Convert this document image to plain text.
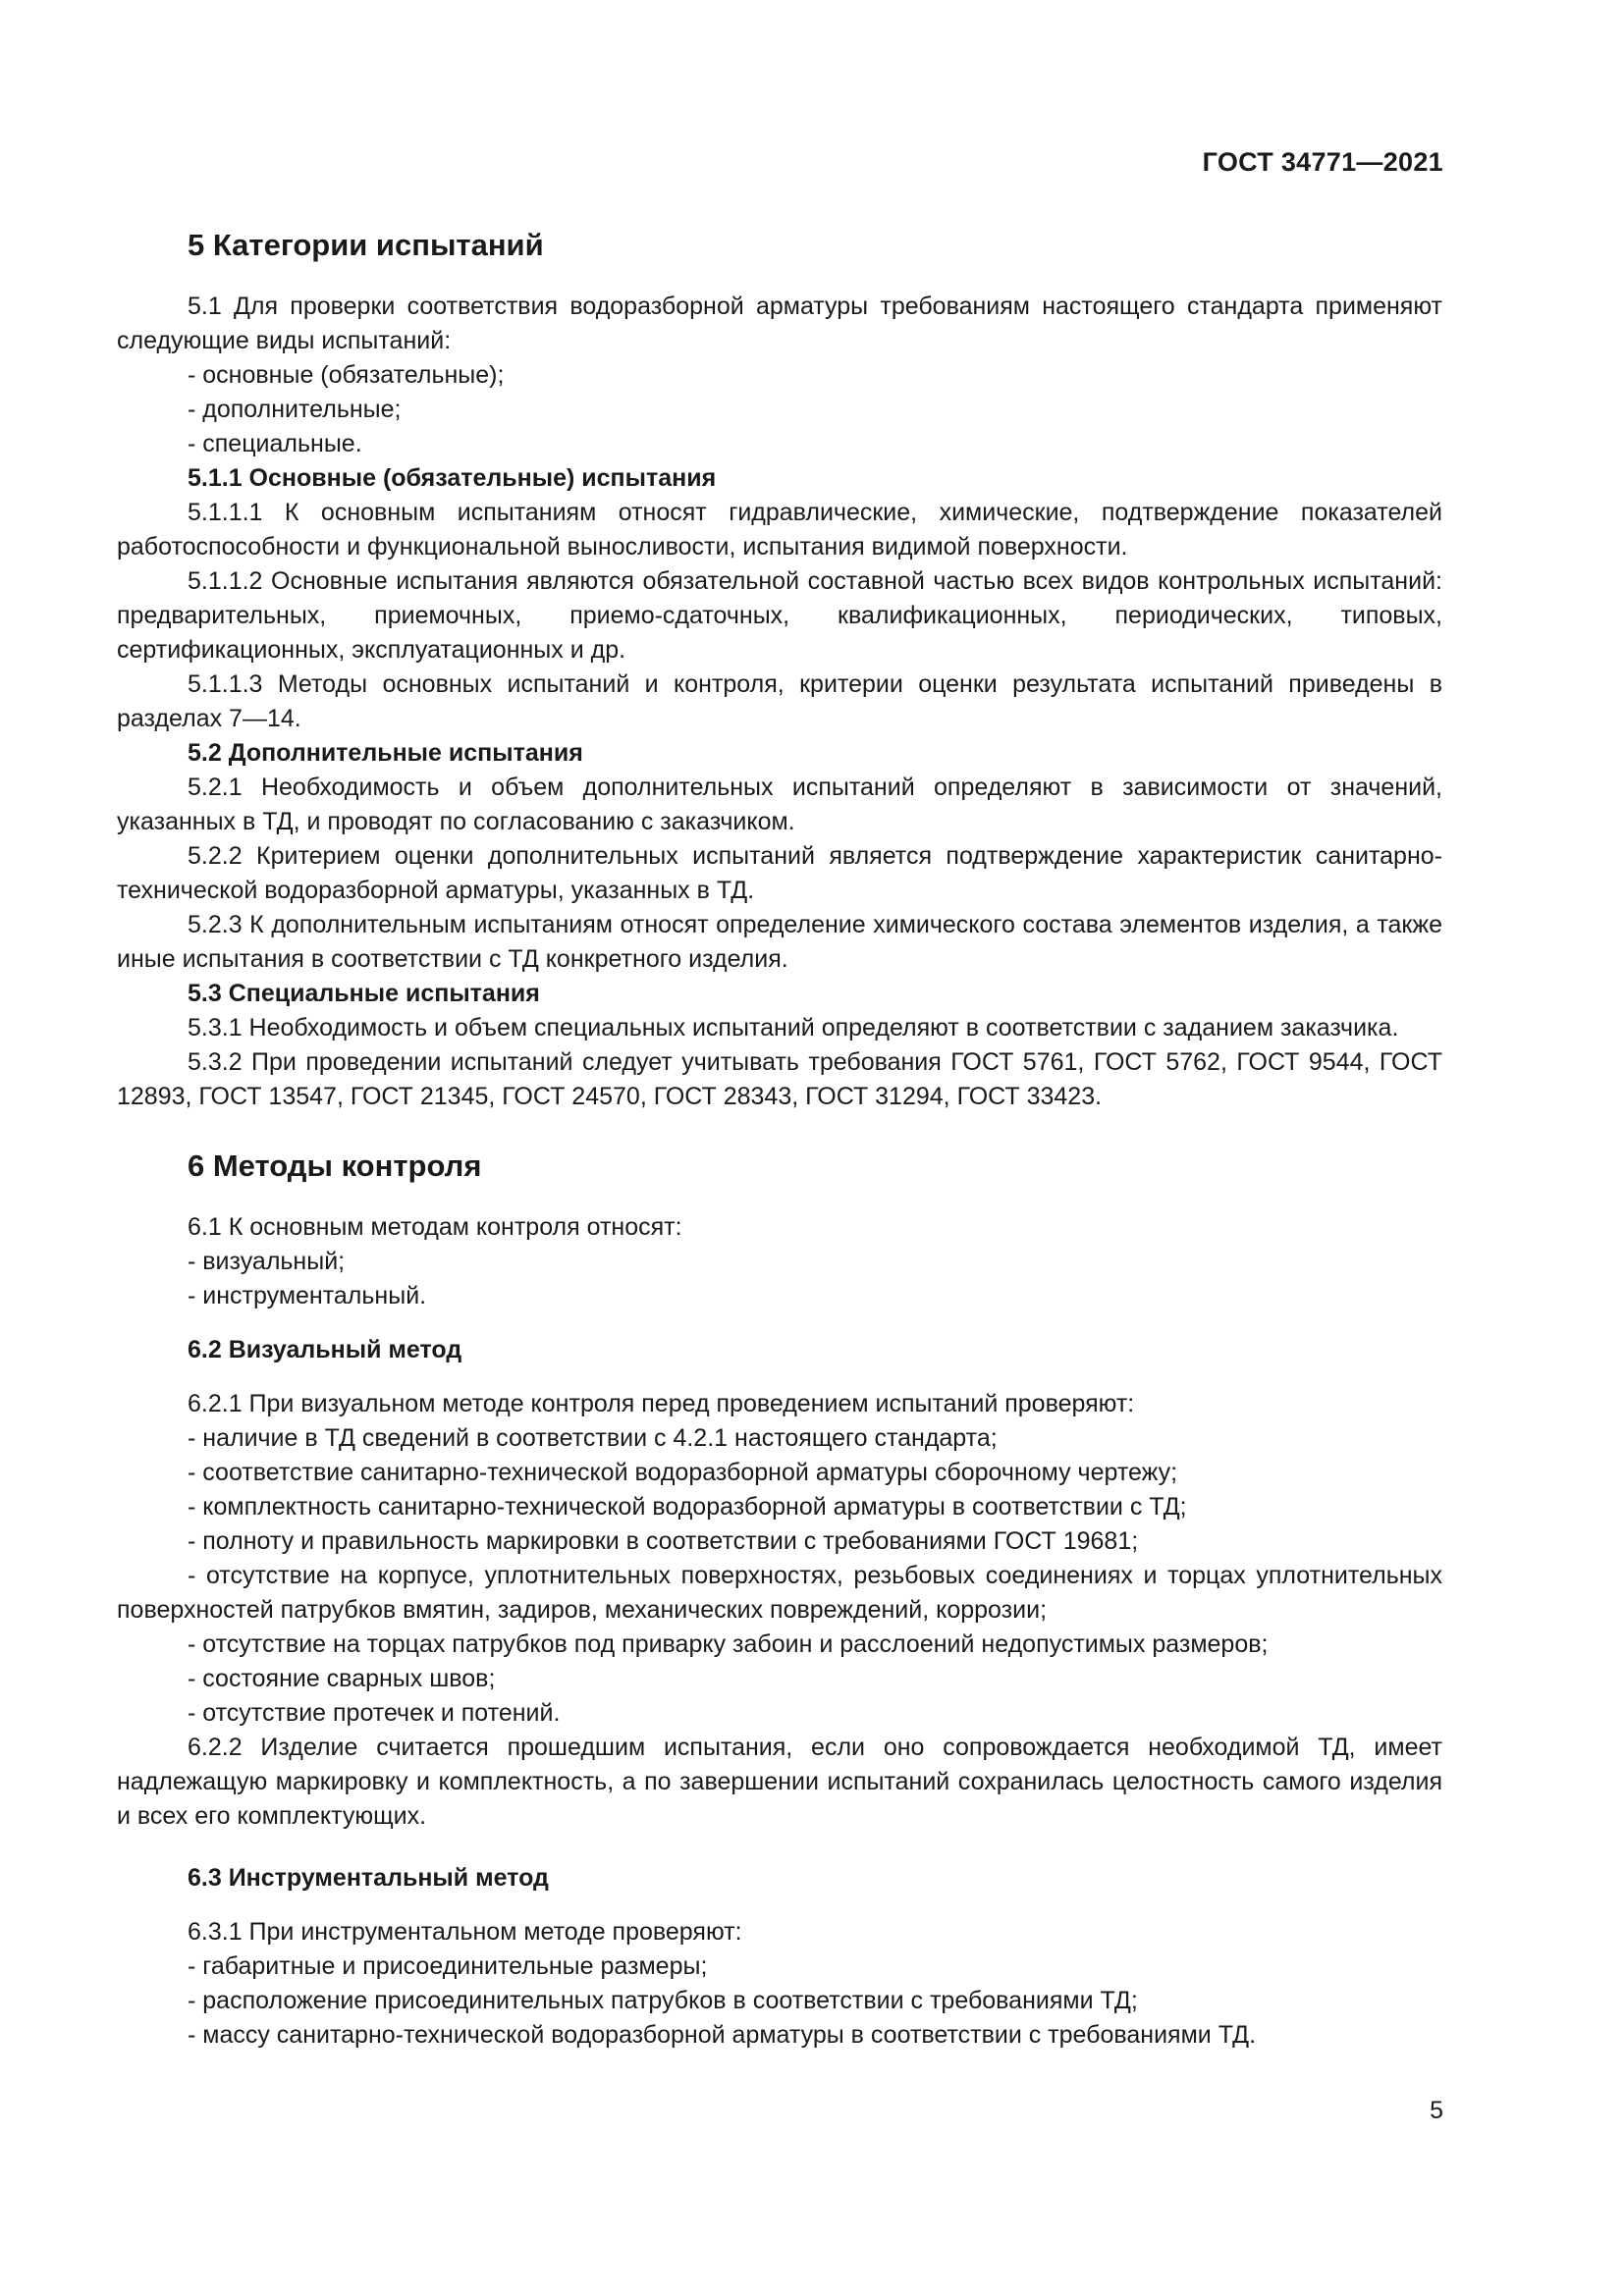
ГОСТ 34771—2021
5 Категории испытаний

5.1 Для проверки соответствия водоразборной арматуры требованиям настоящего стандарта применяют следующие виды испытаний:

- основные (обязательные);

- дополнительные;

- специальные.

5.1.1 Основные (обязательные) испытания

5.1.1.1 К основным испытаниям относят гидравлические, химические, подтверждение показателей работоспособности и функциональной выносливости, испытания видимой поверхности.

5.1.1.2 Основные испытания являются обязательной составной частью всех видов контрольных испытаний: предварительных, приемочных, приемо-сдаточных, квалификационных, периодических, типовых, сертификационных, эксплуатационных и др.

5.1.1.3 Методы основных испытаний и контроля, критерии оценки результата испытаний приведены в разделах 7—14.

5.2 Дополнительные испытания

5.2.1 Необходимость и объем дополнительных испытаний определяют в зависимости от значений, указанных в ТД, и проводят по согласованию с заказчиком.

5.2.2 Критерием оценки дополнительных испытаний является подтверждение характеристик санитарно-технической водоразборной арматуры, указанных в ТД.

5.2.3 К дополнительным испытаниям относят определение химического состава элементов изделия, а также иные испытания в соответствии с ТД конкретного изделия.

5.3 Специальные испытания

5.3.1 Необходимость и объем специальных испытаний определяют в соответствии с заданием заказчика.

5.3.2 При проведении испытаний следует учитывать требования ГОСТ 5761, ГОСТ 5762, ГОСТ 9544, ГОСТ 12893, ГОСТ 13547, ГОСТ 21345, ГОСТ 24570, ГОСТ 28343, ГОСТ 31294, ГОСТ 33423.

6 Методы контроля

6.1 К основным методам контроля относят:

- визуальный;

- инструментальный.

6.2 Визуальный метод

6.2.1 При визуальном методе контроля перед проведением испытаний проверяют:

- наличие в ТД сведений в соответствии с 4.2.1 настоящего стандарта;

- соответствие санитарно-технической водоразборной арматуры сборочному чертежу;

- комплектность санитарно-технической водоразборной арматуры в соответствии с ТД;

- полноту и правильность маркировки в соответствии с требованиями ГОСТ 19681;

- отсутствие на корпусе, уплотнительных поверхностях, резьбовых соединениях и торцах уплотнительных поверхностей патрубков вмятин, задиров, механических повреждений, коррозии;

- отсутствие на торцах патрубков под приварку забоин и расслоений недопустимых размеров;

- состояние сварных швов;

- отсутствие протечек и потений.

6.2.2 Изделие считается прошедшим испытания, если оно сопровождается необходимой ТД, имеет надлежащую маркировку и комплектность, а по завершении испытаний сохранилась целостность самого изделия и всех его комплектующих.

6.3 Инструментальный метод

6.3.1 При инструментальном методе проверяют:

- габаритные и присоединительные размеры;

- расположение присоединительных патрубков в соответствии с требованиями ТД;

- массу санитарно-технической водоразборной арматуры в соответствии с требованиями ТД.

5
